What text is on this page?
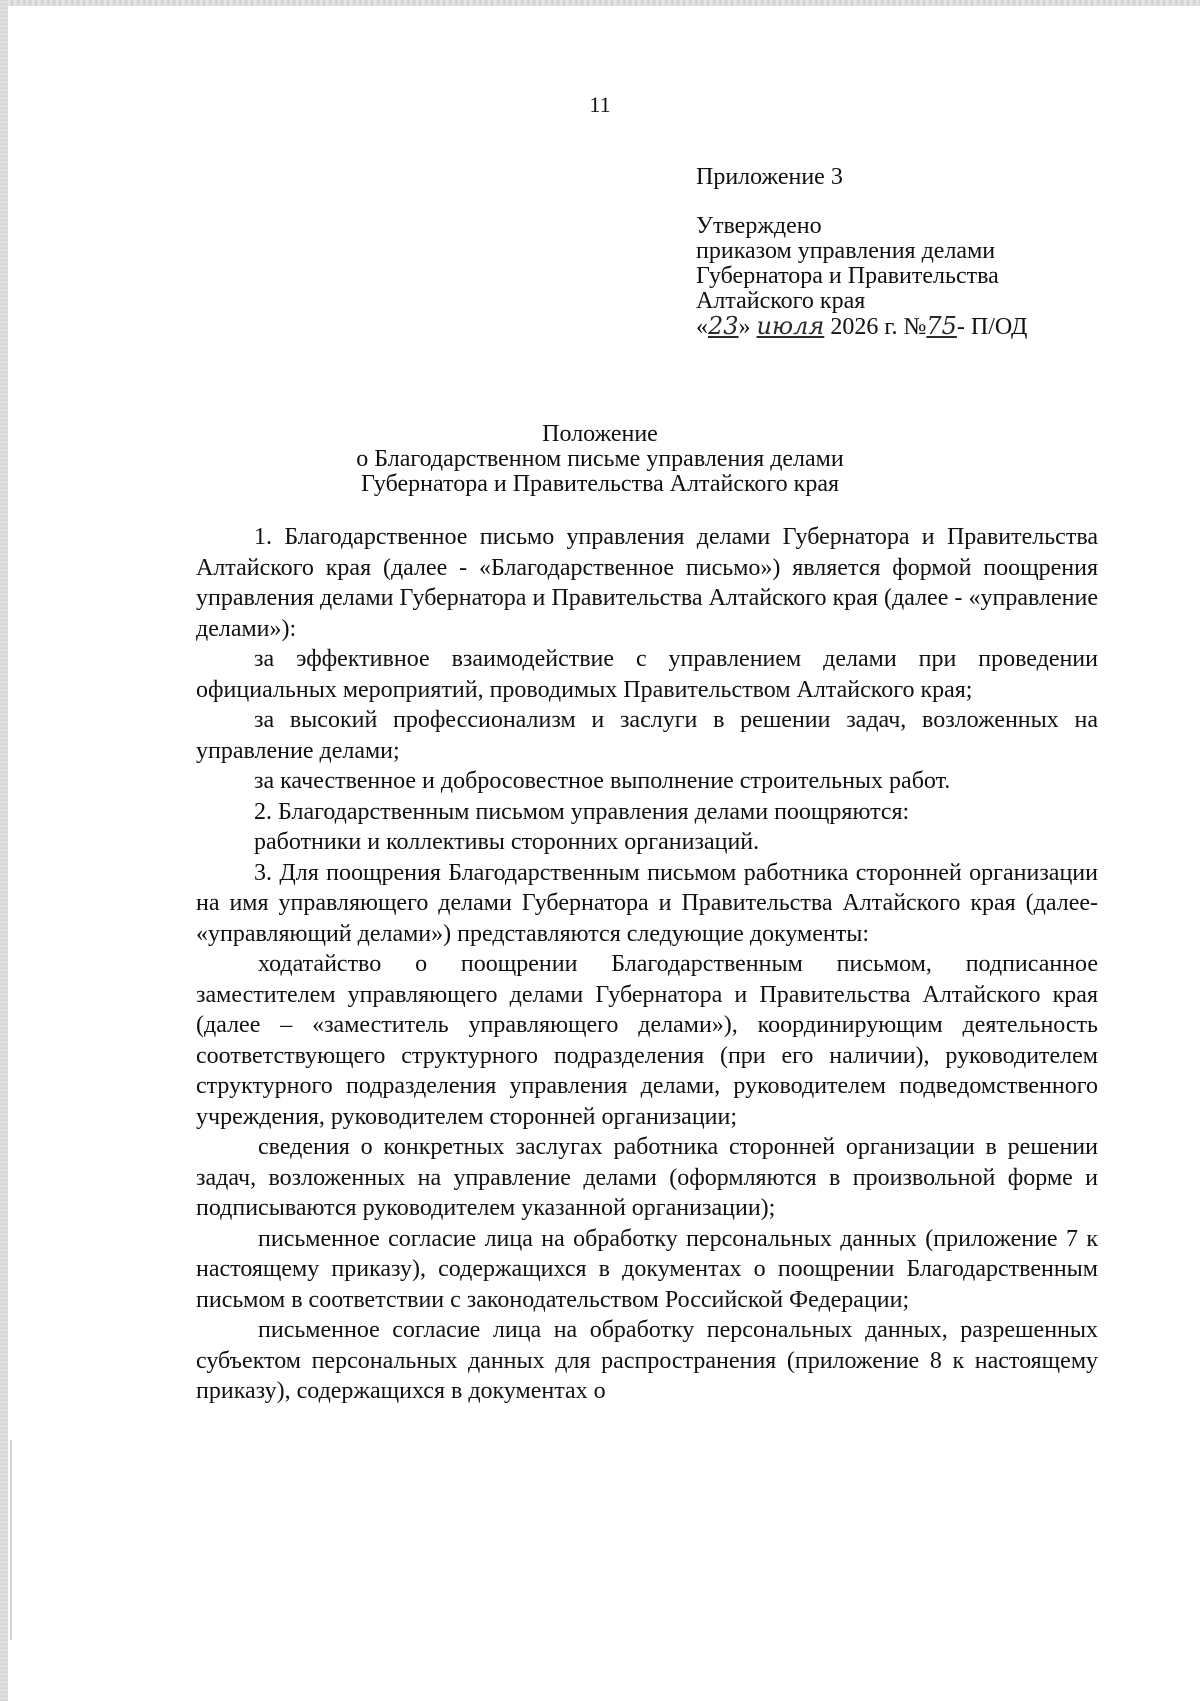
11
Приложение 3
Утверждено
приказом управления делами
Губернатора и Правительства
Алтайского края
«23» июля 2026 г. №75- П/ОД
Положение
о Благодарственном письме управления делами
Губернатора и Правительства Алтайского края

1. Благодарственное письмо управления делами Губернатора и Правительства Алтайского края (далее - «Благодарственное письмо») является формой поощрения управления делами Губернатора и Правительства Алтайского края (далее - «управление делами»):

за эффективное взаимодействие с управлением делами при проведении официальных мероприятий, проводимых Правительством Алтайского края;

за высокий профессионализм и заслуги в решении задач, возложенных на управление делами;

за качественное и добросовестное выполнение строительных работ.

2. Благодарственным письмом управления делами поощряются:

работники и коллективы сторонних организаций.

3. Для поощрения Благодарственным письмом работника сторонней организации на имя управляющего делами Губернатора и Правительства Алтайского края (далее- «управляющий делами») представляются следующие документы:

ходатайство о поощрении Благодарственным письмом, подписанное заместителем управляющего делами Губернатора и Правительства Алтайского края (далее – «заместитель управляющего делами»), координирующим деятельность соответствующего структурного подразделения (при его наличии), руководителем структурного подразделения управления делами, руководителем подведомственного учреждения, руководителем сторонней организации;

сведения о конкретных заслугах работника сторонней организации в решении задач, возложенных на управление делами (оформляются в произвольной форме и подписываются руководителем указанной организации);

письменное согласие лица на обработку персональных данных (приложение 7 к настоящему приказу), содержащихся в документах о поощрении Благодарственным письмом в соответствии с законодательством Российской Федерации;

письменное согласие лица на обработку персональных данных, разрешенных субъектом персональных данных для распространения (приложение 8 к настоящему приказу), содержащихся в документах о
